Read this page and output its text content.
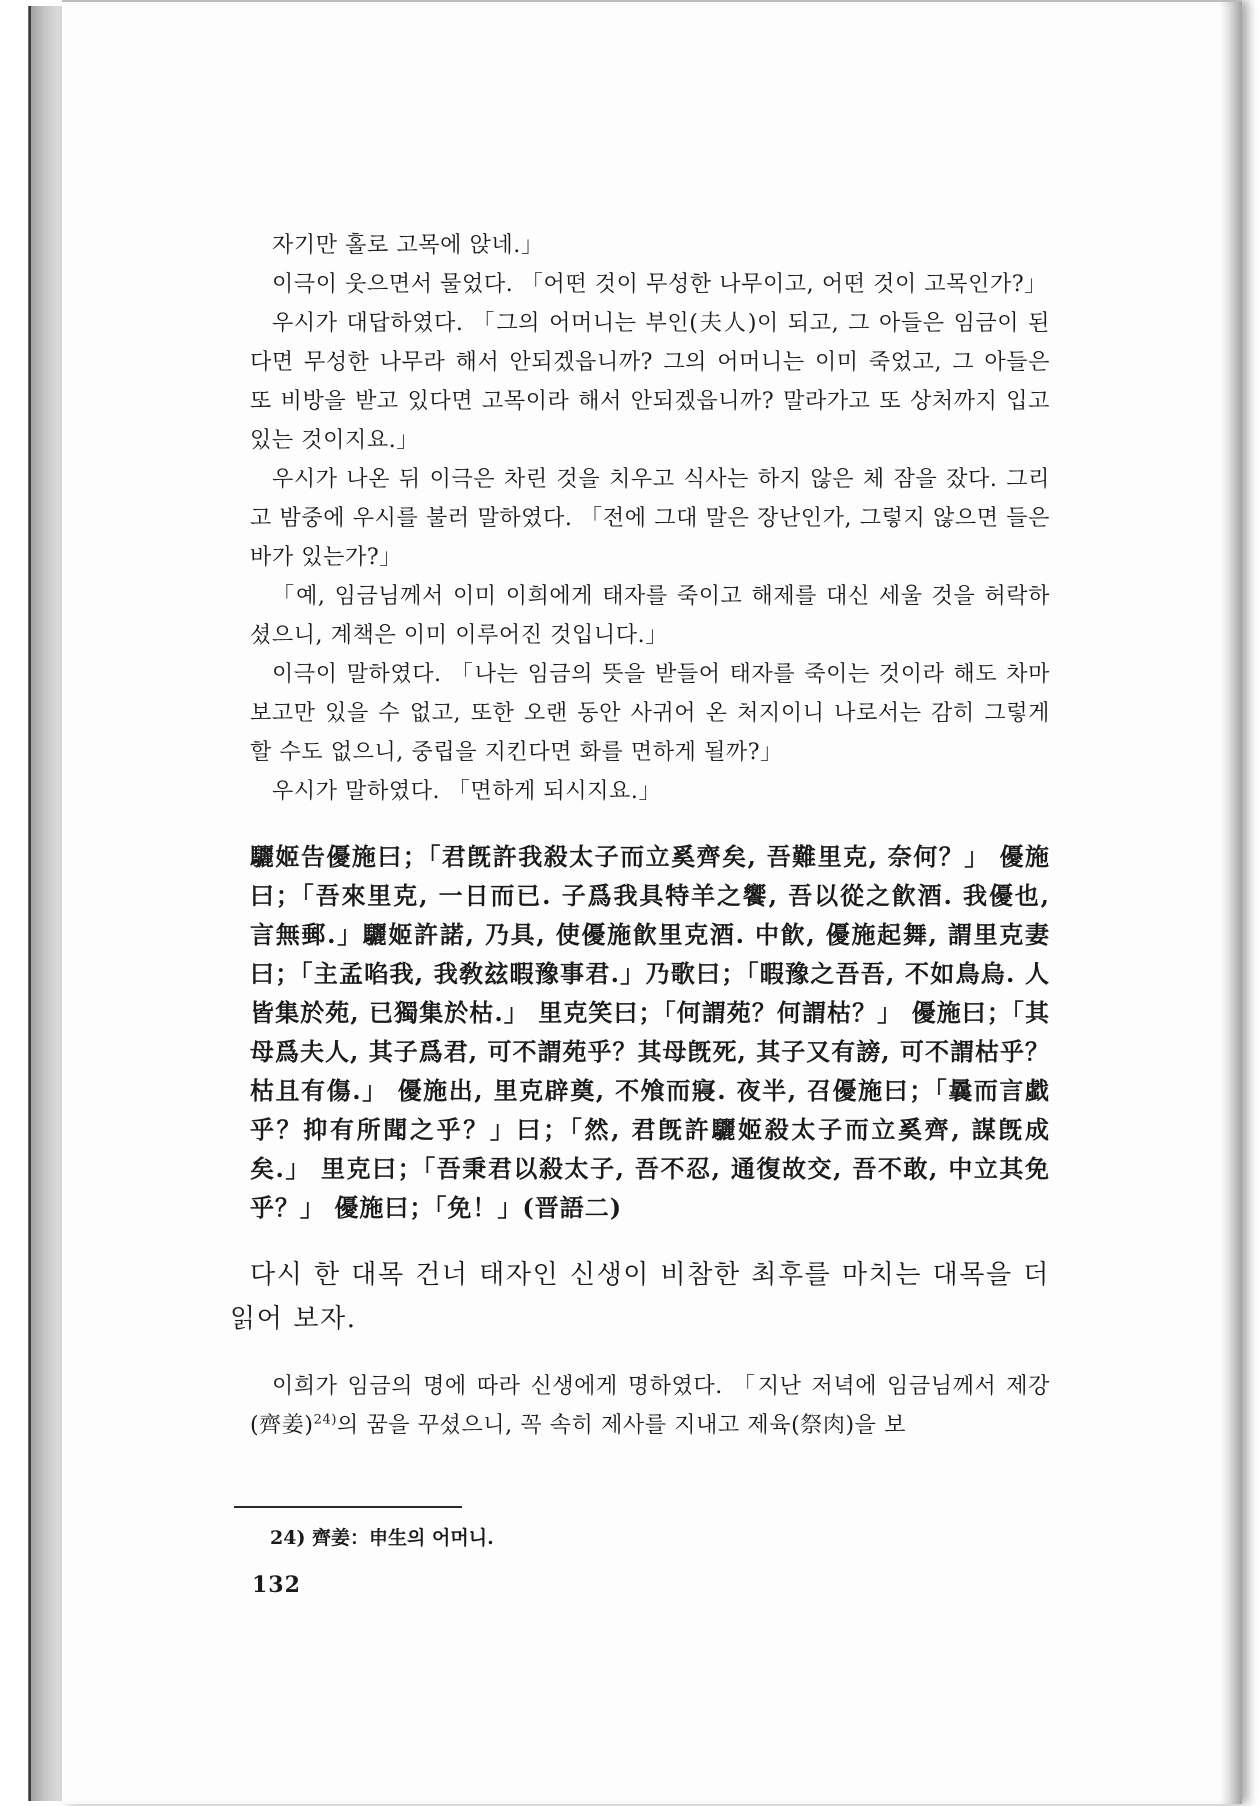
자기만 홀로 고목에 앉네.」

이극이 웃으면서 물었다. 「어떤 것이 무성한 나무이고, 어떤 것이 고목인가?」

우시가 대답하였다. 「그의 어머니는 부인(夫人)이 되고, 그 아들은 임금이 된다면 무성한 나무라 해서 안되겠읍니까? 그의 어머니는 이미 죽었고, 그 아들은 또 비방을 받고 있다면 고목이라 해서 안되겠읍니까? 말라가고 또 상처까지 입고 있는 것이지요.」

우시가 나온 뒤 이극은 차린 것을 치우고 식사는 하지 않은 체 잠을 잤다. 그리고 밤중에 우시를 불러 말하였다. 「전에 그대 말은 장난인가, 그렇지 않으면 들은 바가 있는가?」

「예, 임금님께서 이미 이희에게 태자를 죽이고 해제를 대신 세울 것을 허락하셨으니, 계책은 이미 이루어진 것입니다.」

이극이 말하였다. 「나는 임금의 뜻을 받들어 태자를 죽이는 것이라 해도 차마 보고만 있을 수 없고, 또한 오랜 동안 사귀어 온 처지이니 나로서는 감히 그렇게 할 수도 없으니, 중립을 지킨다면 화를 면하게 될까?」

우시가 말하였다. 「면하게 되시지요.」

驪姬告優施曰；「君旣許我殺太子而立奚齊矣, 吾難里克, 奈何？」 優施曰；「吾來里克, 一日而已. 子爲我具特羊之饗, 吾以從之飮酒. 我優也, 言無郵.」驪姬許諾, 乃具, 使優施飮里克酒. 中飮, 優施起舞, 謂里克妻曰；「主孟啗我, 我敎玆暇豫事君.」乃歌曰；「暇豫之吾吾, 不如鳥烏. 人皆集於苑, 已獨集於枯.」 里克笑曰；「何謂苑？何謂枯？」 優施曰；「其母爲夫人, 其子爲君, 可不謂苑乎？其母旣死, 其子又有謗, 可不謂枯乎？枯且有傷.」 優施出, 里克辟奠, 不飧而寢. 夜半, 召優施曰；「曩而言戱乎？抑有所聞之乎？」曰；「然, 君旣許驪姬殺太子而立奚齊, 謀旣成矣.」 里克曰；「吾秉君以殺太子, 吾不忍, 通復故交, 吾不敢, 中立其免乎？」 優施曰；「免！」(晋語二)

다시 한 대목 건너 태자인 신생이 비참한 최후를 마치는 대목을 더 읽어 보자.

이희가 임금의 명에 따라 신생에게 명하였다. 「지난 저녁에 임금님께서 제강(齊姜)$^{24)}$의 꿈을 꾸셨으니, 꼭 속히 제사를 지내고 제육(祭肉)을 보

24) 齊姜：申生의 어머니.
132
